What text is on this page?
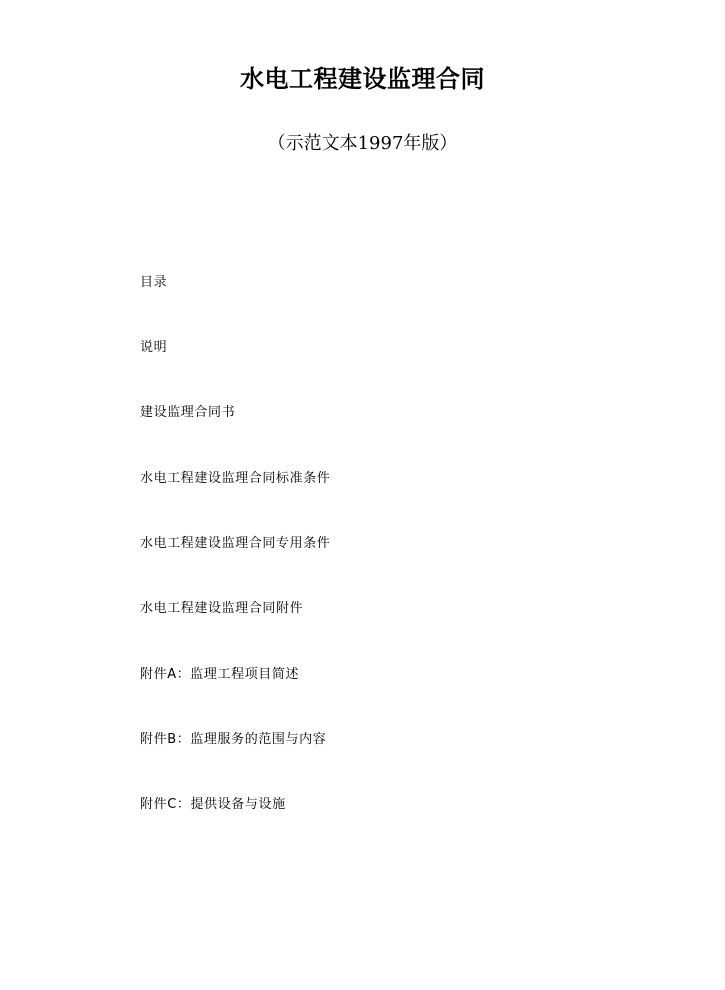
水电工程建设监理合同
（示范文本1997年版）
目录
说明
建设监理合同书
水电工程建设监理合同标准条件
水电工程建设监理合同专用条件
水电工程建设监理合同附件
附件A：监理工程项目简述
附件B：监理服务的范围与内容
附件C：提供设备与设施
